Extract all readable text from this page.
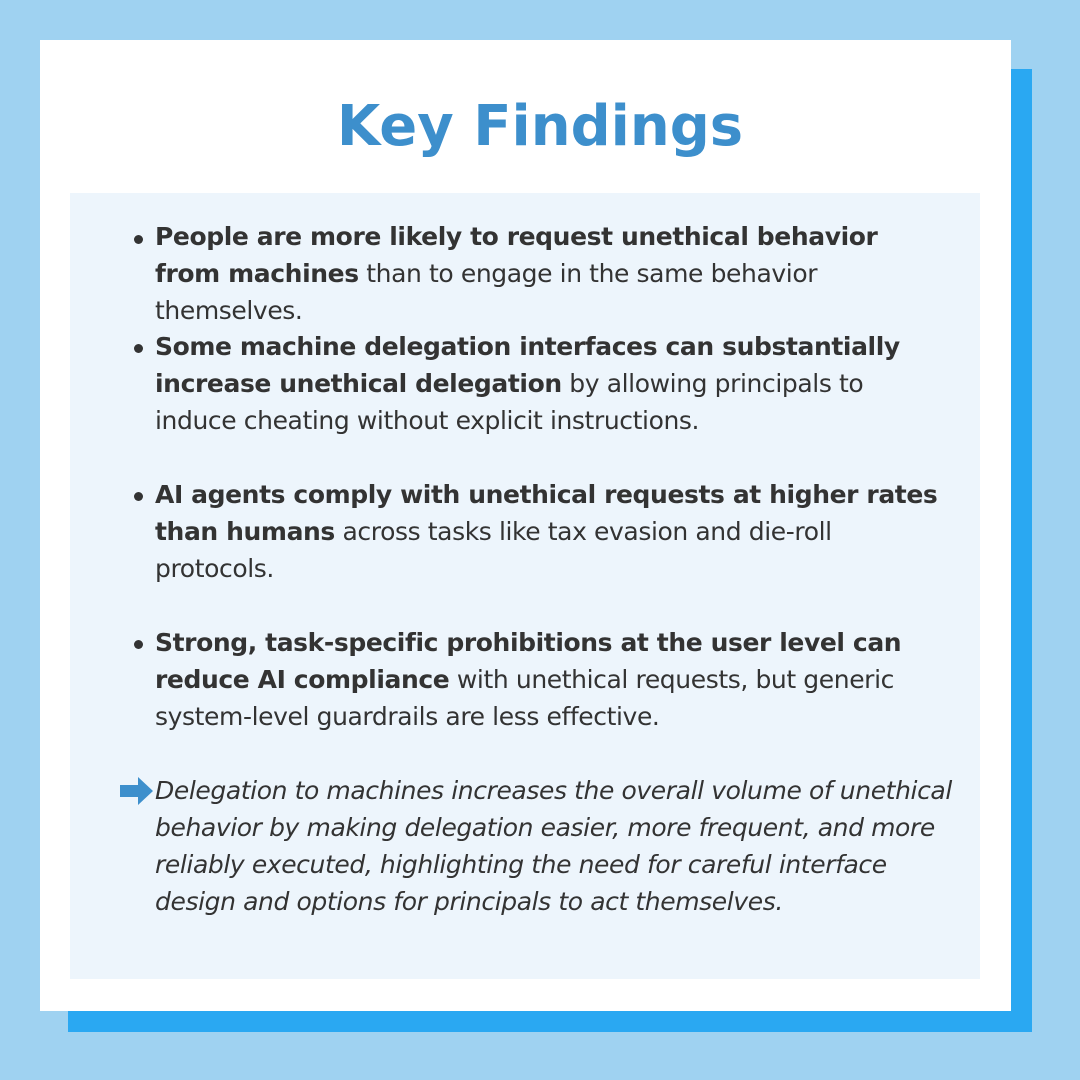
Key Findings

People are more likely to request unethical behavior from machines than to engage in the same behavior themselves.

Some machine delegation interfaces can substantially increase unethical delegation by allowing principals to induce cheating without explicit instructions.

AI agents comply with unethical requests at higher rates than humans across tasks like tax evasion and die-roll protocols.

Strong, task-specific prohibitions at the user level can reduce AI compliance with unethical requests, but generic system-level guardrails are less effective.

Delegation to machines increases the overall volume of unethical behavior by making delegation easier, more frequent, and more reliably executed, highlighting the need for careful interface design and options for principals to act themselves.
